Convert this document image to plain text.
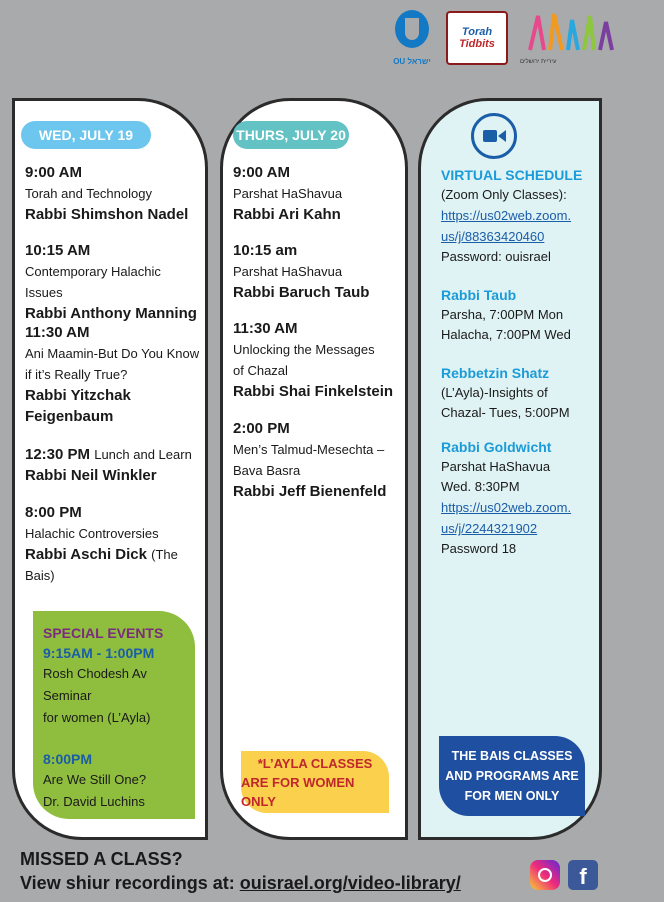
OU ישראל
Torah
Tidbits
עיריית ירושלים
WED, JULY 19
9:00 AM
Torah and Technology
Rabbi Shimshon Nadel
10:15 AM
Contemporary Halachic Issues
Rabbi Anthony Manning
11:30 AM
Ani Maamin-But Do You Know
if it’s Really True?
Rabbi Yitzchak
Feigenbaum
12:30 PM Lunch and Learn
Rabbi Neil Winkler
8:00 PM
Halachic Controversies
Rabbi Aschi Dick (The Bais)
SPECIAL EVENTS
9:15AM - 1:00PM
Rosh Chodesh Av Seminar
for women (L’Ayla)
8:00PM
Are We Still One?
Dr. David Luchins
THURS, JULY 20
9:00 AM
Parshat HaShavua
Rabbi Ari Kahn
10:15 am
Parshat HaShavua
Rabbi Baruch Taub
11:30 AM
Unlocking the Messages
of Chazal
Rabbi Shai Finkelstein
2:00 PM
Men’s Talmud-Mesechta –
Bava Basra
Rabbi Jeff Bienenfeld
*L’AYLA CLASSES
ARE FOR WOMEN ONLY
VIRTUAL SCHEDULE
(Zoom Only Classes):
https://us02web.zoom.
us/j/88363420460
Password: ouisrael
Rabbi Taub
Parsha, 7:00PM Mon
Halacha, 7:00PM Wed
Rebbetzin Shatz
(L’Ayla)-Insights of
Chazal- Tues, 5:00PM
Rabbi Goldwicht
Parshat HaShavua
Wed. 8:30PM
https://us02web.zoom.
us/j/2244321902
Password 18
THE BAIS CLASSES
AND PROGRAMS ARE
FOR MEN ONLY
MISSED A CLASS?
View shiur recordings at: ouisrael.org/video-library/	f
